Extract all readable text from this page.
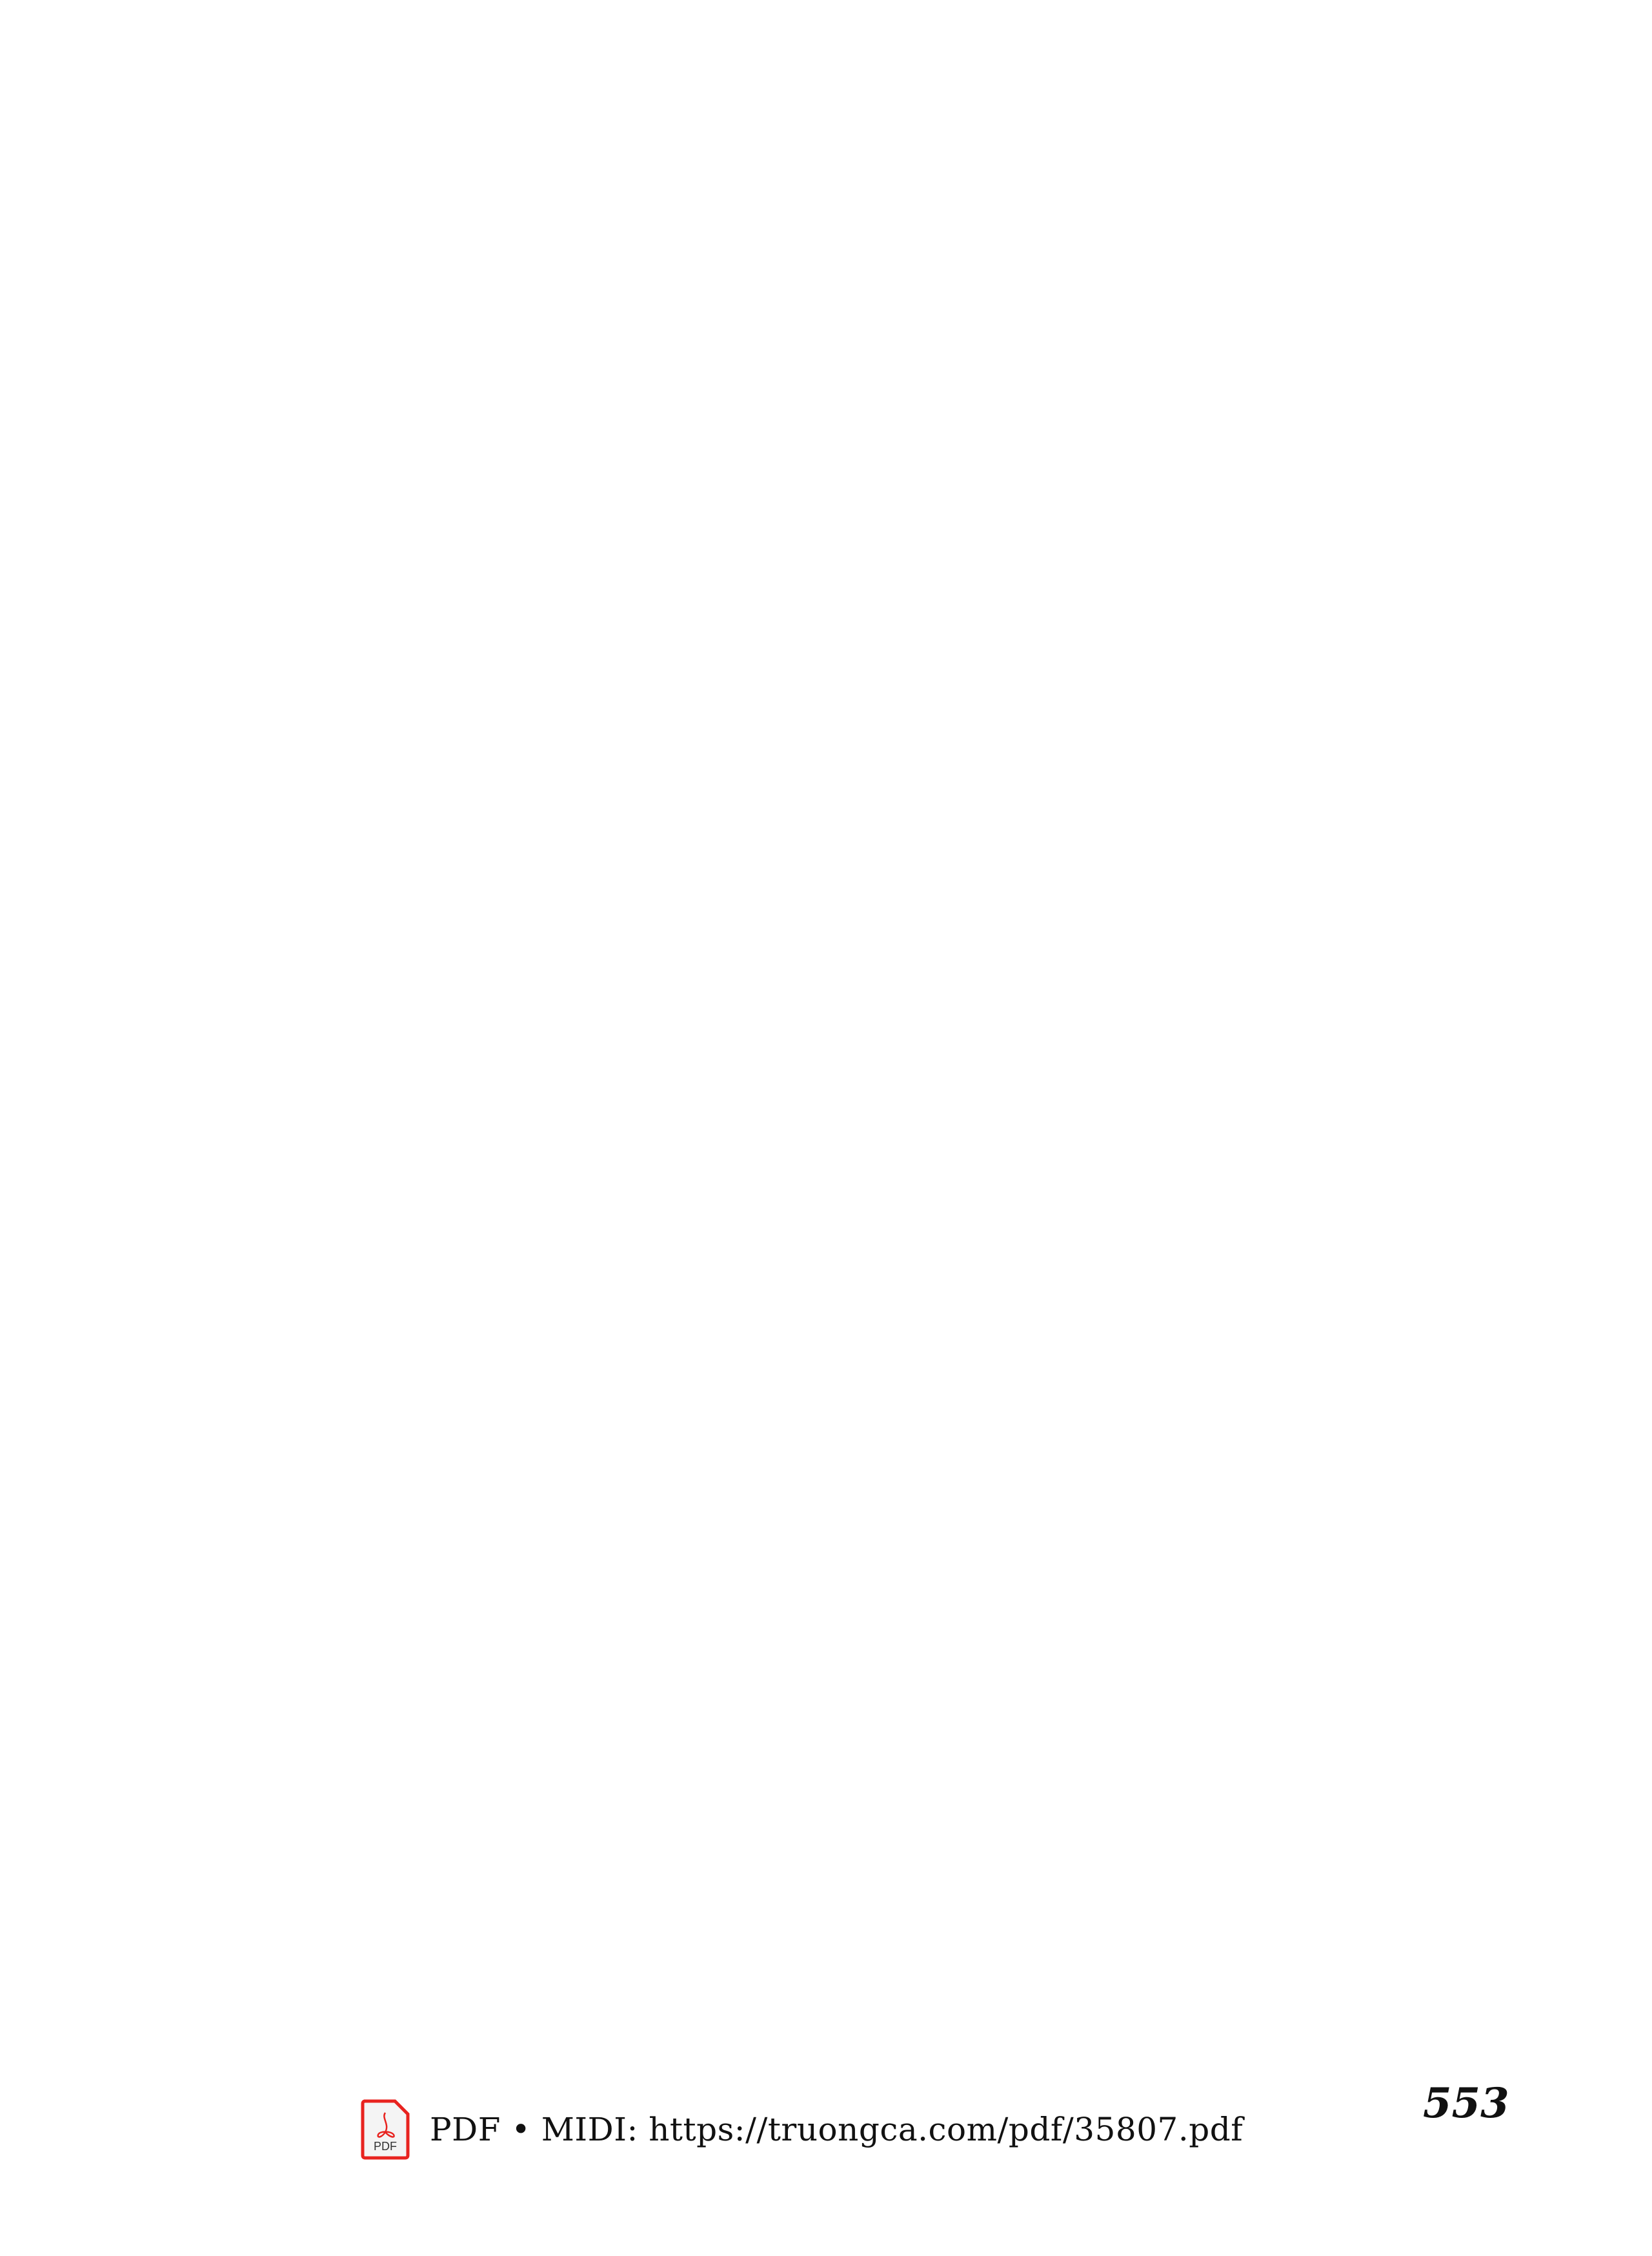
PDF PDF • MIDI: https://truongca.com/pdf/35807.pdf
553
